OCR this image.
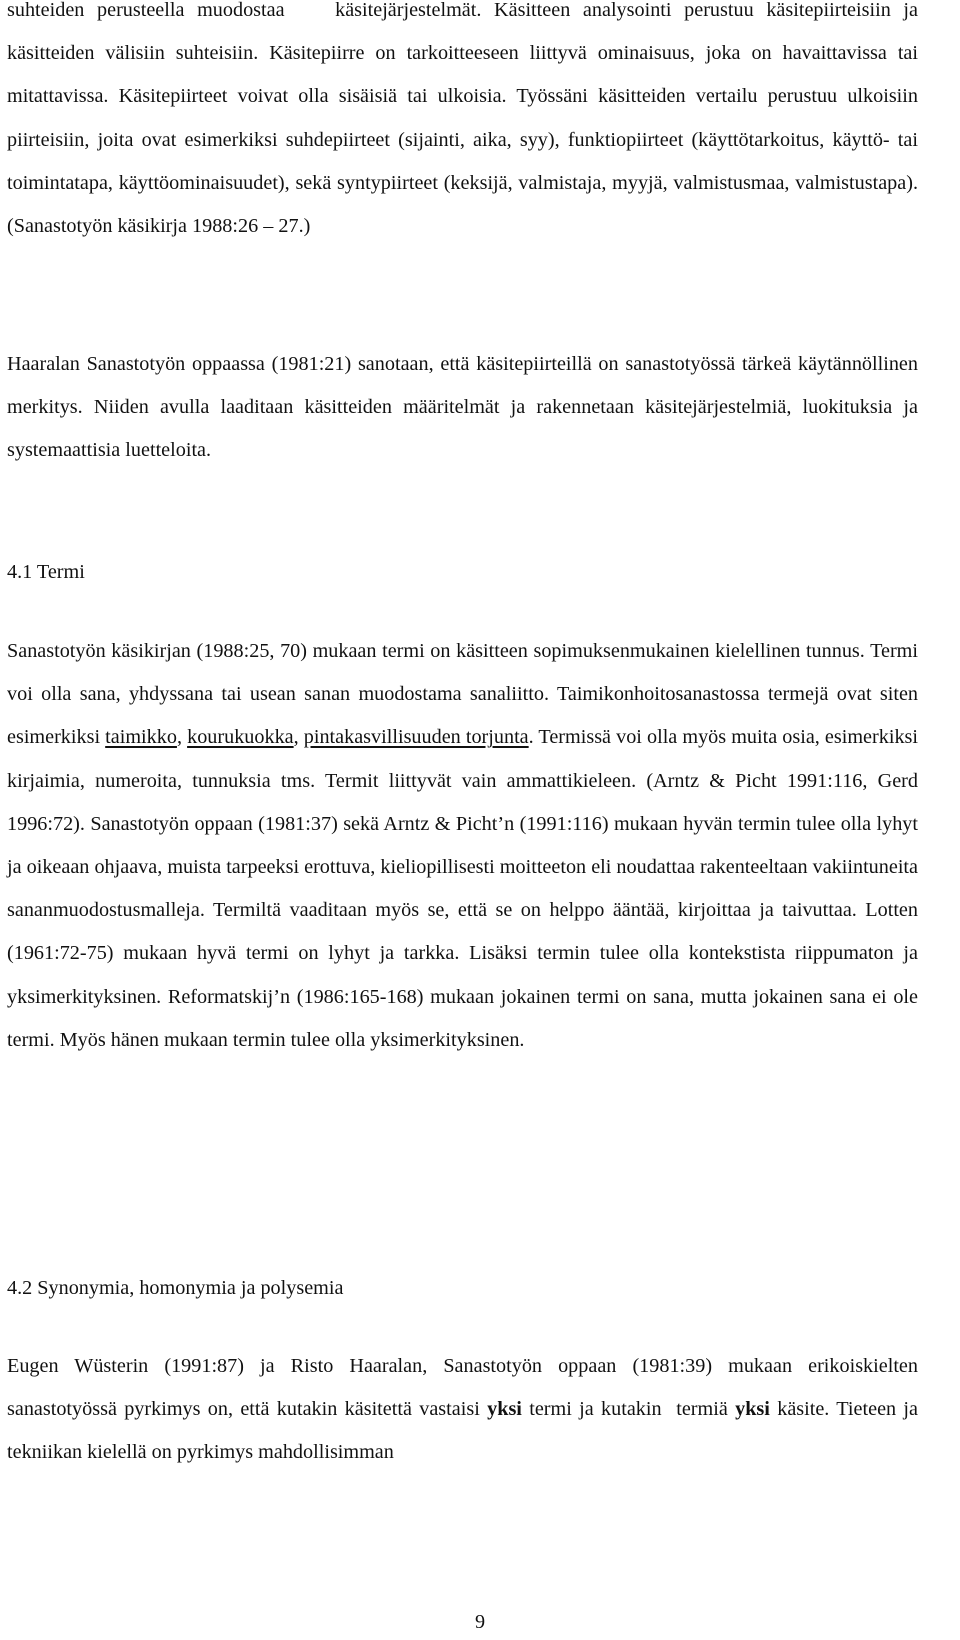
suhteiden perusteella muodostaa    käsitejärjestelmät. Käsitteen analysointi perustuu käsitepiirteisiin ja käsitteiden välisiin suhteisiin. Käsitepiirre on tarkoitteeseen liittyvä ominaisuus, joka on havaittavissa tai mitattavissa. Käsitepiirteet voivat olla sisäisiä tai ulkoisia. Työssäni käsitteiden vertailu perustuu ulkoisiin piirteisiin, joita ovat esimerkiksi suhdepiirteet (sijainti, aika, syy), funktiopiirteet (käyttötarkoitus, käyttö- tai toimintatapa, käyttöominaisuudet), sekä syntypiirteet (keksijä, valmistaja, myyjä, valmistusmaa, valmistustapa). (Sanastotyön käsikirja 1988:26 – 27.)

Haaralan Sanastotyön oppaassa (1981:21) sanotaan, että käsitepiirteillä on sanastotyössä tärkeä käytännöllinen merkitys. Niiden avulla laaditaan käsitteiden määritelmät ja rakennetaan käsitejärjestelmiä, luokituksia ja systemaattisia luetteloita.

4.1 Termi

Sanastotyön käsikirjan (1988:25, 70) mukaan termi on käsitteen sopimuksenmukainen kielellinen tunnus. Termi voi olla sana, yhdyssana tai usean sanan muodostama sanaliitto. Taimikonhoitosanastossa termejä ovat siten esimerkiksi taimikko, kourukuokka, pintakasvillisuuden torjunta. Termissä voi olla myös muita osia, esimerkiksi kirjaimia, numeroita, tunnuksia tms. Termit liittyvät vain ammattikieleen. (Arntz & Picht 1991:116, Gerd 1996:72). Sanastotyön oppaan (1981:37) sekä Arntz & Picht’n (1991:116) mukaan hyvän termin tulee olla lyhyt ja oikeaan ohjaava, muista tarpeeksi erottuva, kieliopillisesti moitteeton eli noudattaa rakenteeltaan vakiintuneita sananmuodostusmalleja. Termiltä vaaditaan myös se, että se on helppo ääntää, kirjoittaa ja taivuttaa. Lotten (1961:72-75) mukaan hyvä termi on lyhyt ja tarkka. Lisäksi termin tulee olla kontekstista riippumaton ja yksimerkityksinen. Reformatskij’n (1986:165-168) mukaan jokainen termi on sana, mutta jokainen sana ei ole termi. Myös hänen mukaan termin tulee olla yksimerkityksinen.

4.2 Synonymia, homonymia ja polysemia

Eugen Wüsterin (1991:87) ja Risto Haaralan, Sanastotyön oppaan (1981:39) mukaan erikoiskielten sanastotyössä pyrkimys on, että kutakin käsitettä vastaisi yksi termi ja kutakin  termiä yksi käsite. Tieteen ja tekniikan kielellä on pyrkimys mahdollisimman

9
